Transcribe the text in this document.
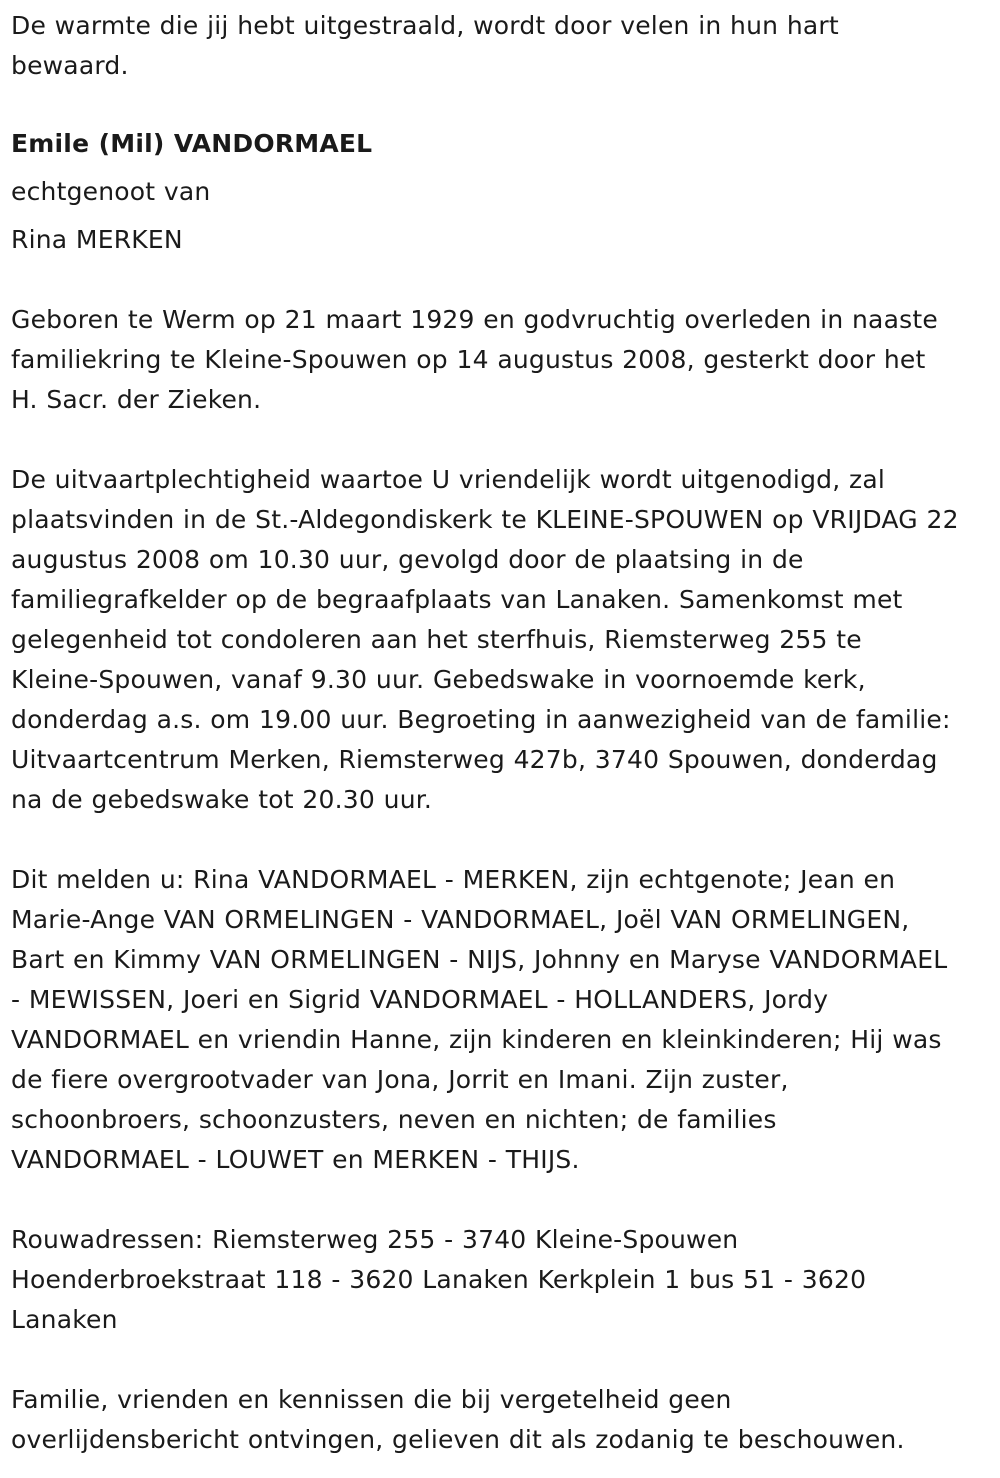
De warmte die jij hebt uitgestraald, wordt door velen in hun hart
bewaard.

Emile (Mil) VANDORMAEL

echtgenoot van

Rina MERKEN

Geboren te Werm op 21 maart 1929 en godvruchtig overleden in naaste
familiekring te Kleine-Spouwen op 14 augustus 2008, gesterkt door het
H. Sacr. der Zieken.

De uitvaartplechtigheid waartoe U vriendelijk wordt uitgenodigd, zal
plaatsvinden in de St.-Aldegondiskerk te KLEINE-SPOUWEN op VRIJDAG 22
augustus 2008 om 10.30 uur, gevolgd door de plaatsing in de
familiegrafkelder op de begraafplaats van Lanaken. Samenkomst met
gelegenheid tot condoleren aan het sterfhuis, Riemsterweg 255 te
Kleine-Spouwen, vanaf 9.30 uur. Gebedswake in voornoemde kerk,
donderdag a.s. om 19.00 uur. Begroeting in aanwezigheid van de familie:
Uitvaartcentrum Merken, Riemsterweg 427b, 3740 Spouwen, donderdag
na de gebedswake tot 20.30 uur.

Dit melden u: Rina VANDORMAEL - MERKEN, zijn echtgenote; Jean en
Marie-Ange VAN ORMELINGEN - VANDORMAEL, Joël VAN ORMELINGEN,
Bart en Kimmy VAN ORMELINGEN - NIJS, Johnny en Maryse VANDORMAEL
- MEWISSEN, Joeri en Sigrid VANDORMAEL - HOLLANDERS, Jordy
VANDORMAEL en vriendin Hanne, zijn kinderen en kleinkinderen; Hij was
de fiere overgrootvader van Jona, Jorrit en Imani. Zijn zuster,
schoonbroers, schoonzusters, neven en nichten; de families
VANDORMAEL - LOUWET en MERKEN - THIJS.

Rouwadressen: Riemsterweg 255 - 3740 Kleine-Spouwen
Hoenderbroekstraat 118 - 3620 Lanaken Kerkplein 1 bus 51 - 3620
Lanaken

Familie, vrienden en kennissen die bij vergetelheid geen
overlijdensbericht ontvingen, gelieven dit als zodanig te beschouwen.
